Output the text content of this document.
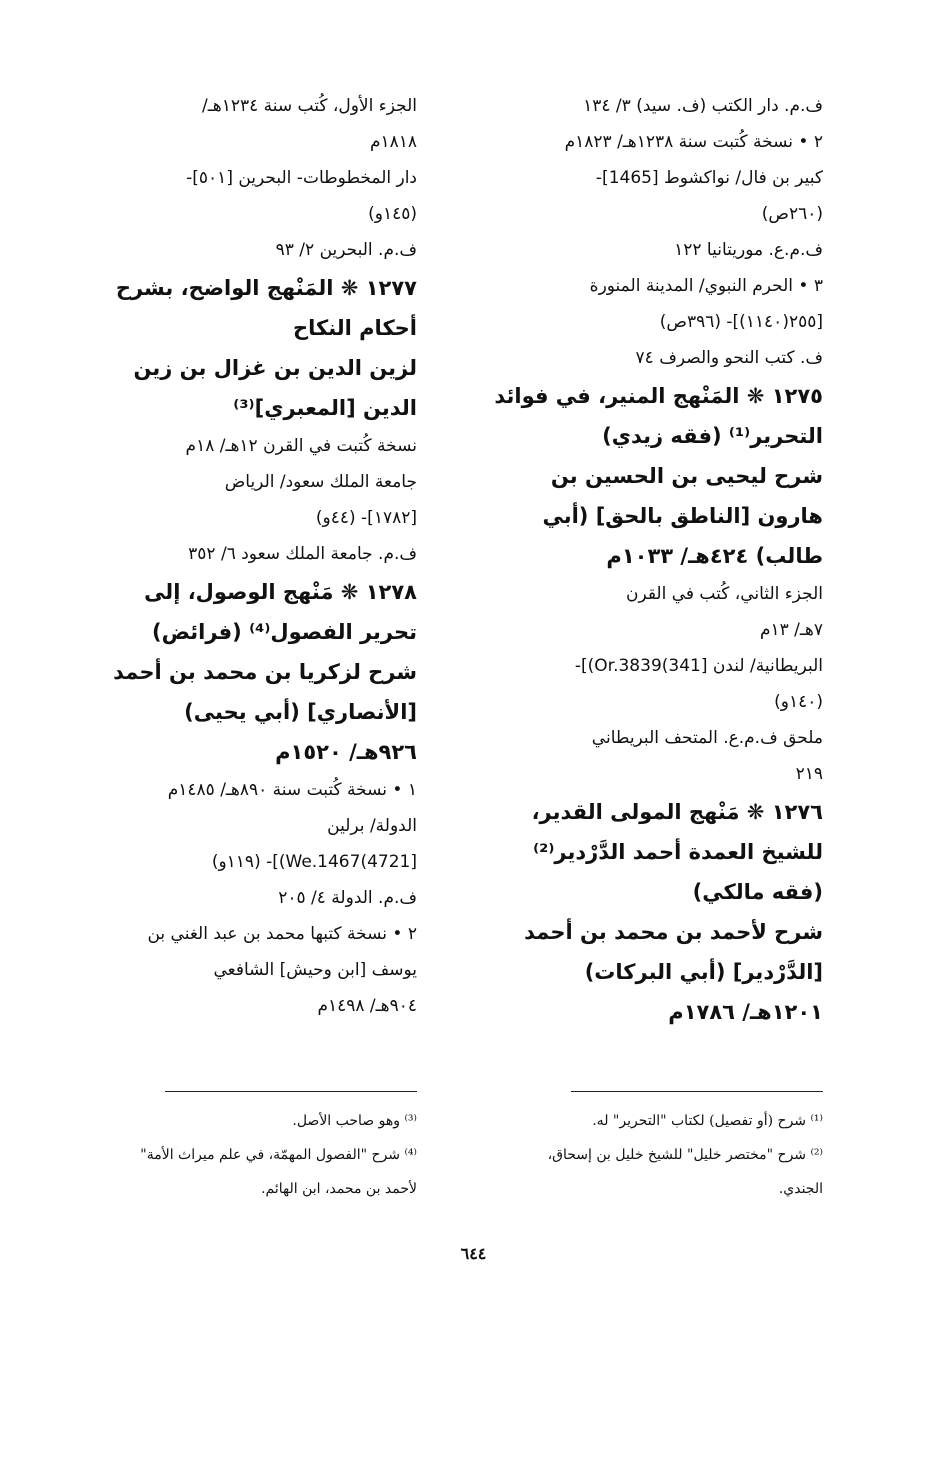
ف.م. دار الكتب (ف. سيد) ٣/ ١٣٤
٢ • نسخة كُتبت سنة ١٢٣٨هـ/ ١٨٢٣م
كبير بن فال/ نواكشوط [1465]-
(٢٦٠ص)
ف.م.ع. موريتانيا ١٢٢
٣ • الحرم النبوي/ المدينة المنورة
[٢٥٥(١١٤٠)]- (٣٩٦ص)
ف. كتب النحو والصرف ٧٤
١٢٧٥ ❋ المَنْهج المنير، في فوائد
التحرير⁽¹⁾ (فقه زيدي)
شرح ليحيى بن الحسين بن
هارون [الناطق بالحق] (أبي
طالب) ٤٢٤هـ/ ١٠٣٣م
الجزء الثاني، كُتب في القرن
٧هـ/ ١٣م
البريطانية/ لندن [341)Or.3839)]-
(١٤٠و)
ملحق ف.م.ع. المتحف البريطاني
٢١٩
١٢٧٦ ❋ مَنْهج المولى القدير،
للشيخ العمدة أحمد الدَّرْدير⁽²⁾
(فقه مالكي)
شرح لأحمد بن محمد بن أحمد
[الدَّرْدير] (أبي البركات)
١٢٠١هـ/ ١٧٨٦م
الجزء الأول، كُتب سنة ١٢٣٤هـ/
١٨١٨م
دار المخطوطات- البحرين [٥٠١]-
(١٤٥و)
ف.م. البحرين ٢/ ٩٣
١٢٧٧ ❋ المَنْهج الواضح، بشرح
أحكام النكاح
لزين الدين بن غزال بن زين
الدين [المعبري]⁽³⁾
نسخة كُتبت في القرن ١٢هـ/ ١٨م
جامعة الملك سعود/ الرياض
[١٧٨٢]- (٤٤و)
ف.م. جامعة الملك سعود ٦/ ٣٥٢
١٢٧٨ ❋ مَنْهج الوصول، إلى
تحرير الفصول⁽⁴⁾ (فرائض)
شرح لزكريا بن محمد بن أحمد
[الأنصاري] (أبي يحيى)
٩٢٦هـ/ ١٥٢٠م
١ • نسخة كُتبت سنة ٨٩٠هـ/ ١٤٨٥م
الدولة/ برلين
[4721)We.1467)]- (١١٩و)
ف.م. الدولة ٤/ ٢٠٥
٢ • نسخة كتبها محمد بن عبد الغني بن
يوسف [ابن وحيش] الشافعي
٩٠٤هـ/ ١٤٩٨م
⁽¹⁾ شرح (أو تفصيل) لكتاب "التحرير" له.
⁽²⁾ شرح "مختصر خليل" للشيخ خليل بن إسحاق،
الجندي.
⁽³⁾ وهو صاحب الأصل.
⁽⁴⁾ شرح "الفصول المهمّة، في علم ميراث الأمة"
لأحمد بن محمد، ابن الهائم.
٦٤٤
